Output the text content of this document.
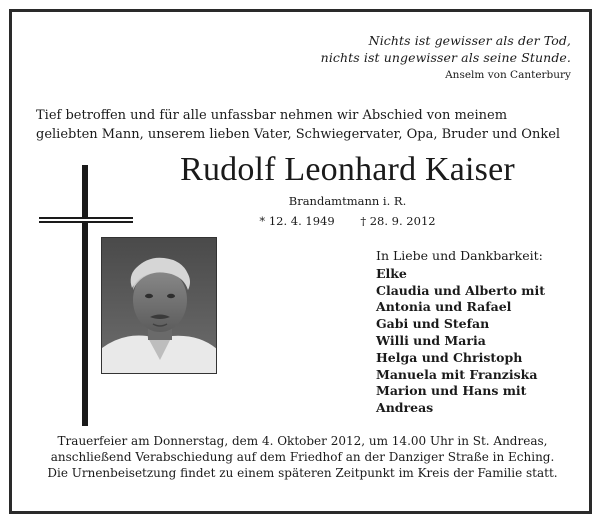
Nichts ist gewisser als der Tod,
nichts ist ungewisser als seine Stunde.
Anselm von Canterbury
Tief betroffen und für alle unfassbar nehmen wir Abschied von meinem
geliebten Mann, unserem lieben Vater, Schwiegervater, Opa, Bruder und Onkel
Rudolf Leonhard Kaiser
Brandamtmann i. R.
* 12. 4. 1949 † 28. 9. 2012
In Liebe und Dankbarkeit:
Elke
Claudia und Alberto mit
Antonia und Rafael
Gabi und Stefan
Willi und Maria
Helga und Christoph
Manuela mit Franziska
Marion und Hans mit
Andreas
Trauerfeier am Donnerstag, dem 4. Oktober 2012, um 14.00 Uhr in St. Andreas,
anschließend Verabschiedung auf dem Friedhof an der Danziger Straße in Eching.
Die Urnenbeisetzung findet zu einem späteren Zeitpunkt im Kreis der Familie statt.
